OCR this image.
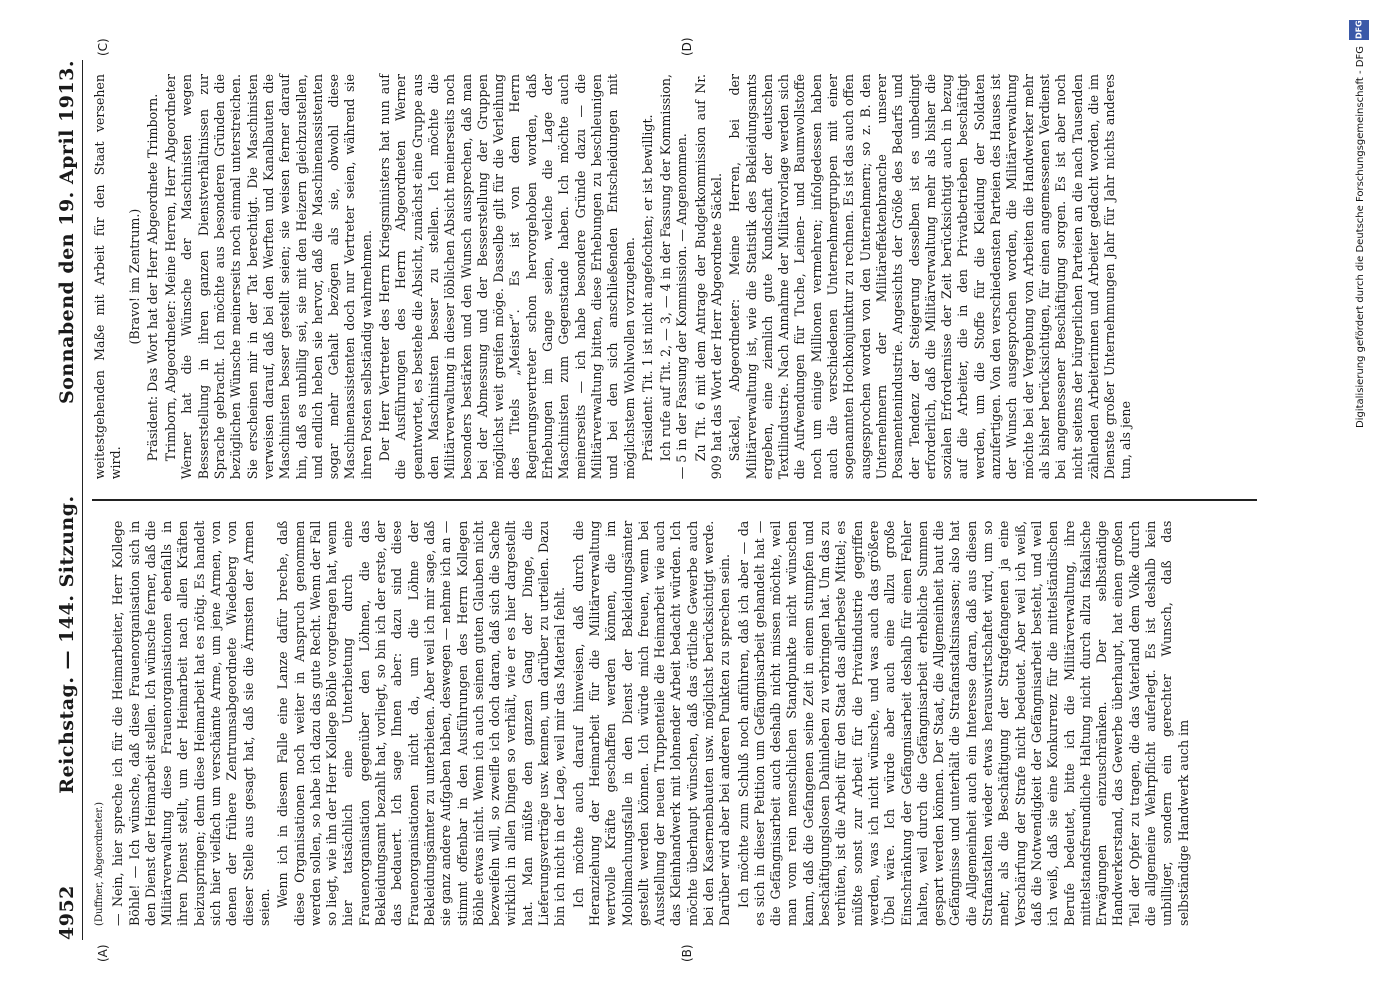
4952
Reichstag. — 144. Sitzung.
Sonnabend den 19. April 1913.
(A)	(B)
(C)	(D)

(Duffner, Abgeordneter.) — Nein, hier spreche ich für die Heimarbeiter, Herr Kollege Böhle! — Ich wünsche, daß diese Frauenorganisation sich in den Dienst der Heimarbeit stellen. Ich wünsche ferner, daß die Militärverwaltung diese Frauenorganisationen ebenfalls in ihren Dienst stellt, um der Heimarbeit nach allen Kräften beizuspringen; denn diese Heimarbeit hat es nötig. Es handelt sich hier vielfach um verschämte Arme, um jene Armen, von denen der frühere Zentrumsabgeordnete Wiedeberg von dieser Stelle aus gesagt hat, daß sie die Ärmsten der Armen seien. Wenn ich in diesem Falle eine Lanze dafür breche, daß diese Organisationen noch weiter in Anspruch genommen werden sollen, so habe ich dazu das gute Recht. Wenn der Fall so liegt, wie ihn der Herr Kollege Böhle vorgetragen hat, wenn hier tatsächlich eine Unterbietung durch eine Frauenorganisation gegenüber den Löhnen, die das Bekleidungsamt bezahlt hat, vorliegt, so bin ich der erste, der das bedauert. Ich sage Ihnen aber: dazu sind diese Frauenorganisationen nicht da, um die Löhne der Bekleidungsämter zu unterbieten. Aber weil ich mir sage, daß sie ganz andere Aufgaben haben, deswegen — nehme ich an — stimmt offenbar in den Ausführungen des Herrn Kollegen Böhle etwas nicht. Wenn ich auch seinen guten Glauben nicht bezweifeln will, so zweifle ich doch daran, daß sich die Sache wirklich in allen Dingen so verhält, wie er es hier dargestellt hat. Man müßte den ganzen Gang der Dinge, die Lieferungsverträge usw. kennen, um darüber zu urteilen. Dazu bin ich nicht in der Lage, weil mir das Material fehlt. Ich möchte auch darauf hinweisen, daß durch die Heranziehung der Heimarbeit für die Militärverwaltung wertvolle Kräfte geschaffen werden können, die im Mobilmachungsfalle in den Dienst der Bekleidungsämter gestellt werden können. Ich würde mich freuen, wenn bei Ausstellung der neuen Truppenteile die Heimarbeit wie auch das Kleinhandwerk mit lohnender Arbeit bedacht würden. Ich möchte überhaupt wünschen, daß das örtliche Gewerbe auch bei den Kasernenbauten usw. möglichst berücksichtigt werde. Darüber wird aber bei anderen Punkten zu sprechen sein. Ich möchte zum Schluß noch anführen, daß ich aber — da es sich in dieser Petition um Gefängnisarbeit gehandelt hat — die Gefängnisarbeit auch deshalb nicht missen möchte, weil man vom rein menschlichen Standpunkte nicht wünschen kann, daß die Gefangenen seine Zeit in einem stumpfen und beschäftigungslosen Dahinleben zu verbringen hat. Um das zu verhüten, ist die Arbeit für den Staat das allerbeste Mittel; es müßte sonst zur Arbeit für die Privatindustrie gegriffen werden, was ich nicht wünsche, und was auch das größere Übel wäre. Ich würde aber auch eine allzu große Einschränkung der Gefängnisarbeit deshalb für einen Fehler halten, weil durch die Gefängnisarbeit erhebliche Summen gespart werden können. Der Staat, die Allgemeinheit baut die Gefängnisse und unterhält die Strafanstaltsinsassen; also hat die Allgemeinheit auch ein Interesse daran, daß aus diesen Strafanstalten wieder etwas herauswirtschaftet wird, um so mehr, als die Beschäftigung der Strafgefangenen ja eine Verschärfung der Strafe nicht bedeutet. Aber weil ich weiß, daß die Notwendigkeit der Gefängnisarbeit besteht, und weil ich weiß, daß sie eine Konkurrenz für die mittelständischen Berufe bedeutet, bitte ich die Militärverwaltung, ihre mittelstandsfreundliche Haltung nicht durch allzu fiskalische Erwägungen einzuschränken. Der selbständige Handwerkerstand, das Gewerbe überhaupt, hat einen großen Teil der Opfer zu tragen, die das Vaterland dem Volke durch die allgemeine Wehrpflicht auferlegt. Es ist deshalb kein unbilliger, sondern ein gerechter Wunsch, daß das selbständige Handwerk auch im

weitestgehenden Maße mit Arbeit für den Staat versehen wird.

(Bravo! im Zentrum.) Präsident: Das Wort hat der Herr Abgeordnete Trimborn. Trimborn, Abgeordneter: Meine Herren, Herr Abgeordneter Werner hat die Wünsche der Maschinisten wegen Besserstellung in ihren ganzen Dienstverhältnissen zur Sprache gebracht. Ich möchte aus besonderen Gründen die bezüglichen Wünsche meinerseits noch einmal unterstreichen. Sie erscheinen mir in der Tat berechtigt. Die Maschinisten verweisen darauf, daß bei den Werften und Kanalbauten die Maschinisten besser gestellt seien; sie weisen ferner darauf hin, daß es unbillig sei, sie mit den Heizern gleichzustellen, und endlich heben sie hervor, daß die Maschinenassistenten sogar mehr Gehalt bezögen als sie, obwohl diese Maschinenassistenten doch nur Vertreter seien, während sie ihren Posten selbständig wahrnehmen. Der Herr Vertreter des Herrn Kriegsministers hat nun auf die Ausführungen des Herrn Abgeordneten Werner geantwortet, es bestehe die Absicht, zunächst eine Gruppe aus den Maschinisten besser zu stellen. Ich möchte die Militärverwaltung in dieser löblichen Absicht meinerseits noch besonders bestärken und den Wunsch aussprechen, daß man bei der Abmessung und der Besserstellung der Gruppen möglichst weit greifen möge. Dasselbe gilt für die Verleihung des Titels „Meister“. Es ist von dem Herrn Regierungsvertreter schon hervorgehoben worden, daß Erhebungen im Gange seien, welche die Lage der Maschinisten zum Gegenstande haben. Ich möchte auch meinerseits — ich habe besondere Gründe dazu — die Militärverwaltung bitten, diese Erhebungen zu beschleunigen und bei den sich anschließenden Entscheidungen mit möglichstem Wohlwollen vorzugehen. Präsident: Tit. 1 ist nicht angefochten; er ist bewilligt. Ich rufe auf Tit. 2, — 3, — 4 in der Fassung der Kommission, — 5 in der Fassung der Kommission. — Angenommen. Zu Tit. 6 mit dem Antrage der Budgetkommission auf Nr. 909 hat das Wort der Herr Abgeordnete Säckel. Säckel, Abgeordneter: Meine Herren, bei der Militärverwaltung ist, wie die Statistik des Bekleidungsamts ergeben, eine ziemlich gute Kundschaft der deutschen Textilindustrie. Nach Annahme der Militärvorlage werden sich die Aufwendungen für Tuche, Leinen- und Baumwollstoffe noch um einige Millionen vermehren; infolgedessen haben auch die verschiedenen Unternehmergruppen mit einer sogenannten Hochkonjunktur zu rechnen. Es ist das auch offen ausgesprochen worden von den Unternehmern; so z. B. den Unternehmern der Militäreffektenbranche unserer Posamentenindustrie. Angesichts der Größe des Bedarfs und der Tendenz der Steigerung desselben ist es unbedingt erforderlich, daß die Militärverwaltung mehr als bisher die sozialen Erfordernisse der Zeit berücksichtigt auch in bezug auf die Arbeiter, die in den Privatbetrieben beschäftigt werden, um die Stoffe für die Kleidung der Soldaten anzufertigen. Von den verschiedensten Parteien des Hauses ist der Wunsch ausgesprochen worden, die Militärverwaltung möchte bei der Vergebung von Arbeiten die Handwerker mehr als bisher berücksichtigen, für einen angemessenen Verdienst bei angemessener Beschäftigung sorgen. Es ist aber noch nicht seitens der bürgerlichen Parteien an die nach Tausenden zählenden Arbeiterinnen und Arbeiter gedacht worden, die im Dienste großer Unternehmungen Jahr für Jahr nichts anderes tun, als jene

DFG
Digitalisierung gefördert durch die Deutsche Forschungsgemeinschaft - DFG
